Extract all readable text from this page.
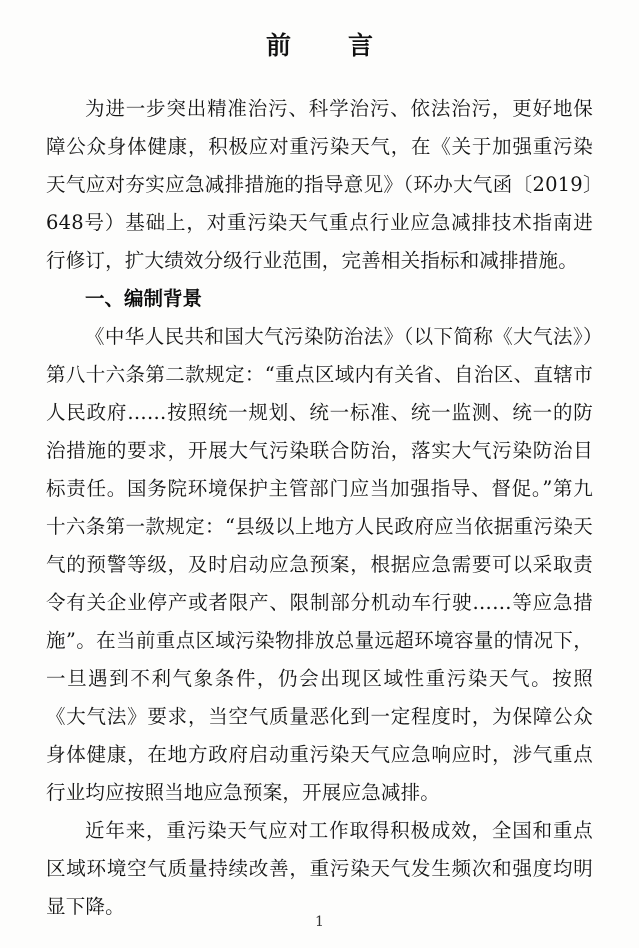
前　言

为进一步突出精准治污、科学治污、依法治污，更好地保障公众身体健康，积极应对重污染天气，在《关于加强重污染天气应对夯实应急减排措施的指导意见》（环办大气函〔2019〕648号）基础上，对重污染天气重点行业应急减排技术指南进行修订，扩大绩效分级行业范围，完善相关指标和减排措施。

一、编制背景

《中华人民共和国大气污染防治法》（以下简称《大气法》）第八十六条第二款规定：“重点区域内有关省、自治区、直辖市人民政府……按照统一规划、统一标准、统一监测、统一的防治措施的要求，开展大气污染联合防治，落实大气污染防治目标责任。国务院环境保护主管部门应当加强指导、督促。”第九十六条第一款规定：“县级以上地方人民政府应当依据重污染天气的预警等级，及时启动应急预案，根据应急需要可以采取责令有关企业停产或者限产、限制部分机动车行驶……等应急措施”。在当前重点区域污染物排放总量远超环境容量的情况下，一旦遇到不利气象条件，仍会出现区域性重污染天气。按照《大气法》要求，当空气质量恶化到一定程度时，为保障公众身体健康，在地方政府启动重污染天气应急响应时，涉气重点行业均应按照当地应急预案，开展应急减排。

近年来，重污染天气应对工作取得积极成效，全国和重点区域环境空气质量持续改善，重污染天气发生频次和强度均明显下降。

1
